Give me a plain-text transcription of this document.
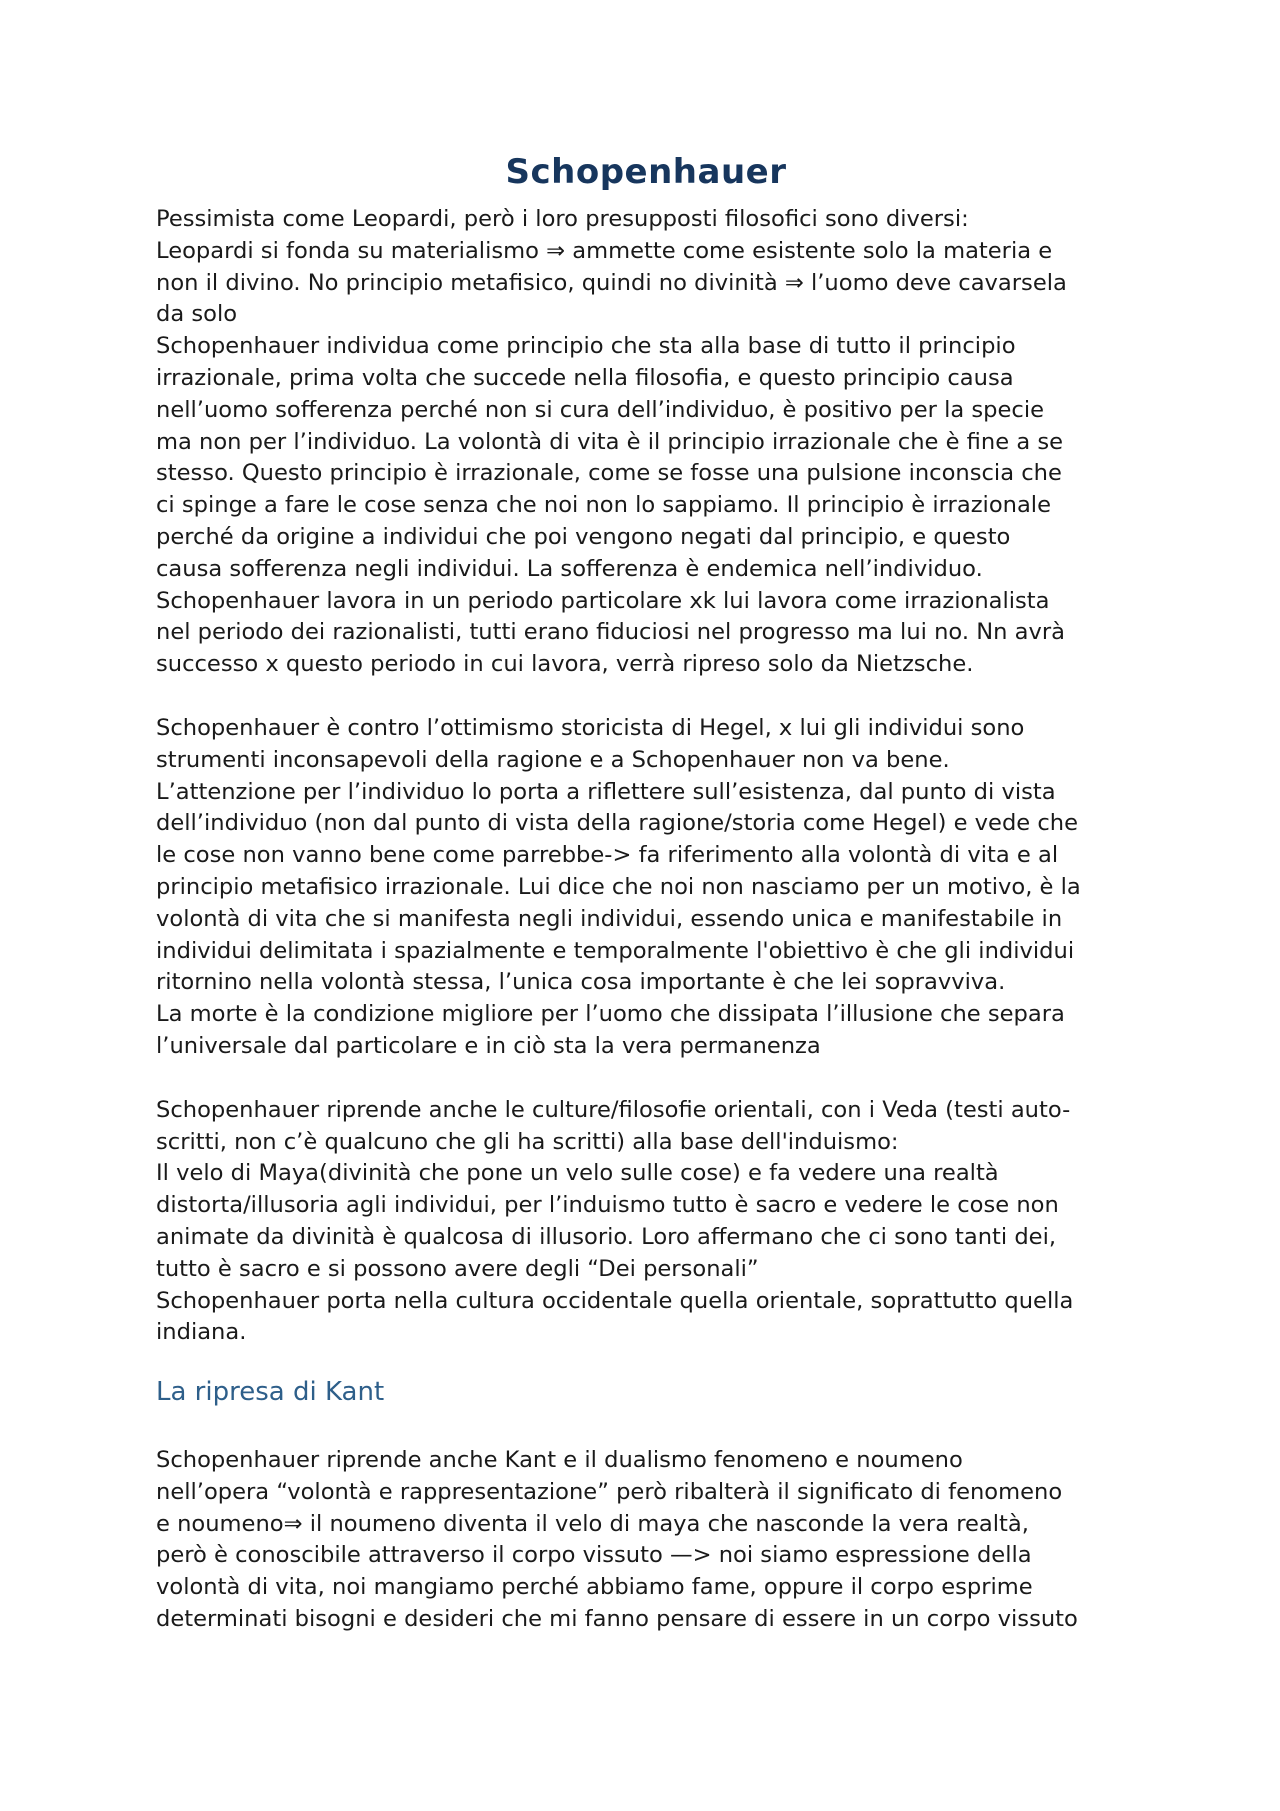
Schopenhauer
Pessimista come Leopardi, però i loro presupposti filosofici sono diversi:
Leopardi si fonda su materialismo ⇒ ammette come esistente solo la materia e
non il divino. No principio metafisico, quindi no divinità ⇒ l’uomo deve cavarsela
da solo
Schopenhauer individua come principio che sta alla base di tutto il principio
irrazionale, prima volta che succede nella filosofia, e questo principio causa
nell’uomo sofferenza perché non si cura dell’individuo, è positivo per la specie
ma non per l’individuo. La volontà di vita è il principio irrazionale che è fine a se
stesso. Questo principio è irrazionale, come se fosse una pulsione inconscia che
ci spinge a fare le cose senza che noi non lo sappiamo. Il principio è irrazionale
perché da origine a individui che poi vengono negati dal principio, e questo
causa sofferenza negli individui. La sofferenza è endemica nell’individuo.
Schopenhauer lavora in un periodo particolare xk lui lavora come irrazionalista
nel periodo dei razionalisti, tutti erano fiduciosi nel progresso ma lui no. Nn avrà
successo x questo periodo in cui lavora, verrà ripreso solo da Nietzsche.
Schopenhauer è contro l’ottimismo storicista di Hegel, x lui gli individui sono
strumenti inconsapevoli della ragione e a Schopenhauer non va bene.
L’attenzione per l’individuo lo porta a riflettere sull’esistenza, dal punto di vista
dell’individuo (non dal punto di vista della ragione/storia come Hegel) e vede che
le cose non vanno bene come parrebbe-> fa riferimento alla volontà di vita e al
principio metafisico irrazionale. Lui dice che noi non nasciamo per un motivo, è la
volontà di vita che si manifesta negli individui, essendo unica e manifestabile in
individui delimitata i spazialmente e temporalmente l'obiettivo è che gli individui
ritornino nella volontà stessa, l’unica cosa importante è che lei sopravviva.
La morte è la condizione migliore per l’uomo che dissipata l’illusione che separa
l’universale dal particolare e in ciò sta la vera permanenza
Schopenhauer riprende anche le culture/filosofie orientali, con i Veda (testi auto-
scritti, non c’è qualcuno che gli ha scritti) alla base dell'induismo:
Il velo di Maya(divinità che pone un velo sulle cose) e fa vedere una realtà
distorta/illusoria agli individui, per l’induismo tutto è sacro e vedere le cose non
animate da divinità è qualcosa di illusorio. Loro affermano che ci sono tanti dei,
tutto è sacro e si possono avere degli “Dei personali”
Schopenhauer porta nella cultura occidentale quella orientale, soprattutto quella
indiana.
La ripresa di Kant
Schopenhauer riprende anche Kant e il dualismo fenomeno e noumeno
nell’opera “volontà e rappresentazione” però ribalterà il significato di fenomeno
e noumeno⇒ il noumeno diventa il velo di maya che nasconde la vera realtà,
però è conoscibile attraverso il corpo vissuto —> noi siamo espressione della
volontà di vita, noi mangiamo perché abbiamo fame, oppure il corpo esprime
determinati bisogni e desideri che mi fanno pensare di essere in un corpo vissuto
